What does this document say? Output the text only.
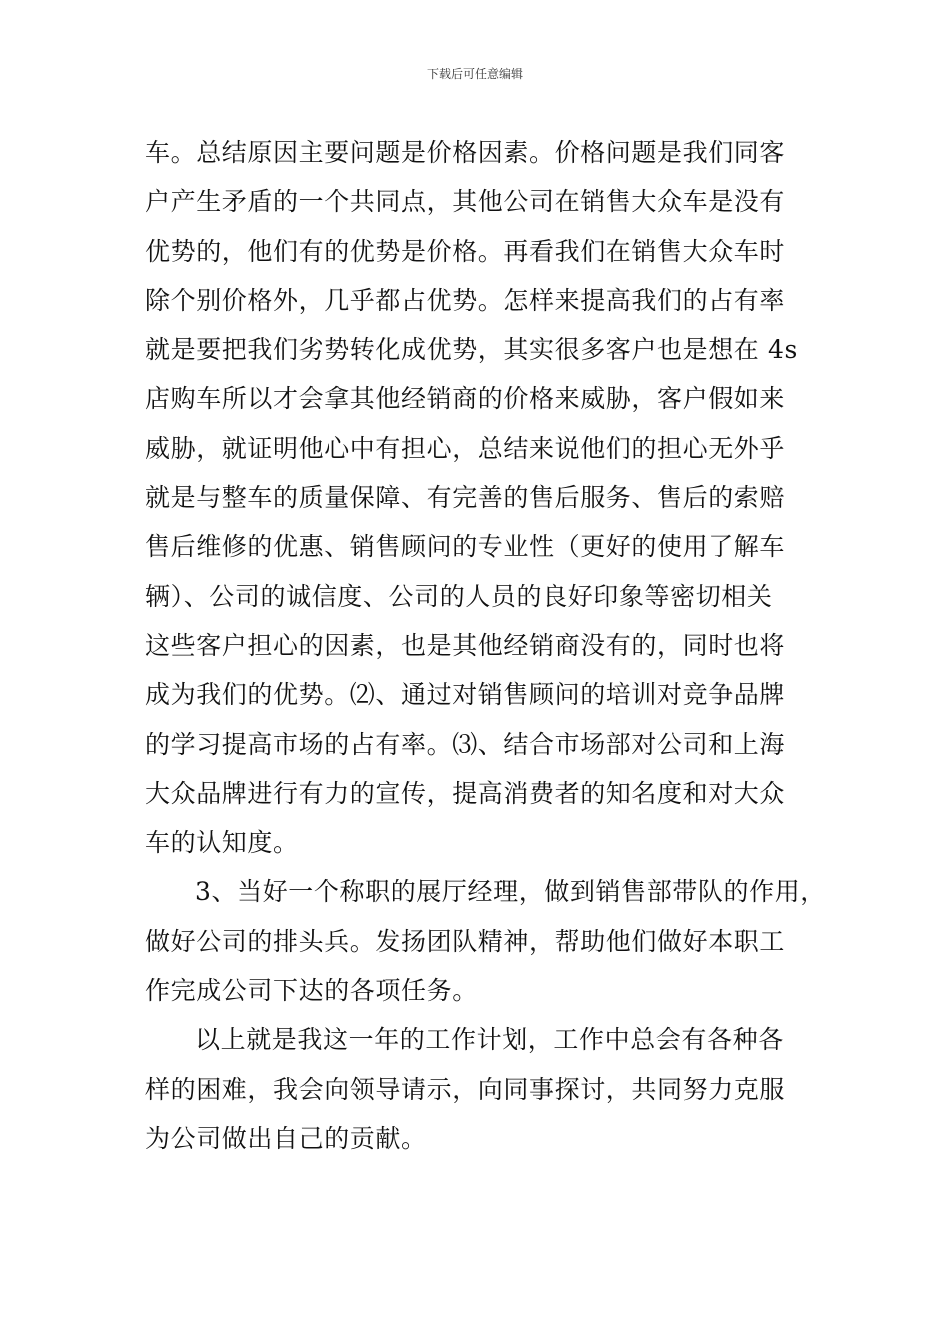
下载后可任意编辑
车。总结原因主要问题是价格因素。价格问题是我们同客
户产生矛盾的一个共同点，其他公司在销售大众车是没有
优势的，他们有的优势是价格。再看我们在销售大众车时
除个别价格外，几乎都占优势。怎样来提高我们的占有率
就是要把我们劣势转化成优势，其实很多客户也是想在 4s
店购车所以才会拿其他经销商的价格来威胁，客户假如来
威胁，就证明他心中有担心，总结来说他们的担心无外乎
就是与整车的质量保障、有完善的售后服务、售后的索赔
售后维修的优惠、销售顾问的专业性（更好的使用了解车
辆）、公司的诚信度、公司的人员的良好印象等密切相关
这些客户担心的因素，也是其他经销商没有的，同时也将
成为我们的优势。⑵、通过对销售顾问的培训对竞争品牌
的学习提高市场的占有率。⑶、结合市场部对公司和上海
大众品牌进行有力的宣传，提高消费者的知名度和对大众
车的认知度。
3、当好一个称职的展厅经理，做到销售部带队的作用，
做好公司的排头兵。发扬团队精神，帮助他们做好本职工
作完成公司下达的各项任务。
以上就是我这一年的工作计划，工作中总会有各种各
样的困难，我会向领导请示，向同事探讨，共同努力克服
为公司做出自己的贡献。
